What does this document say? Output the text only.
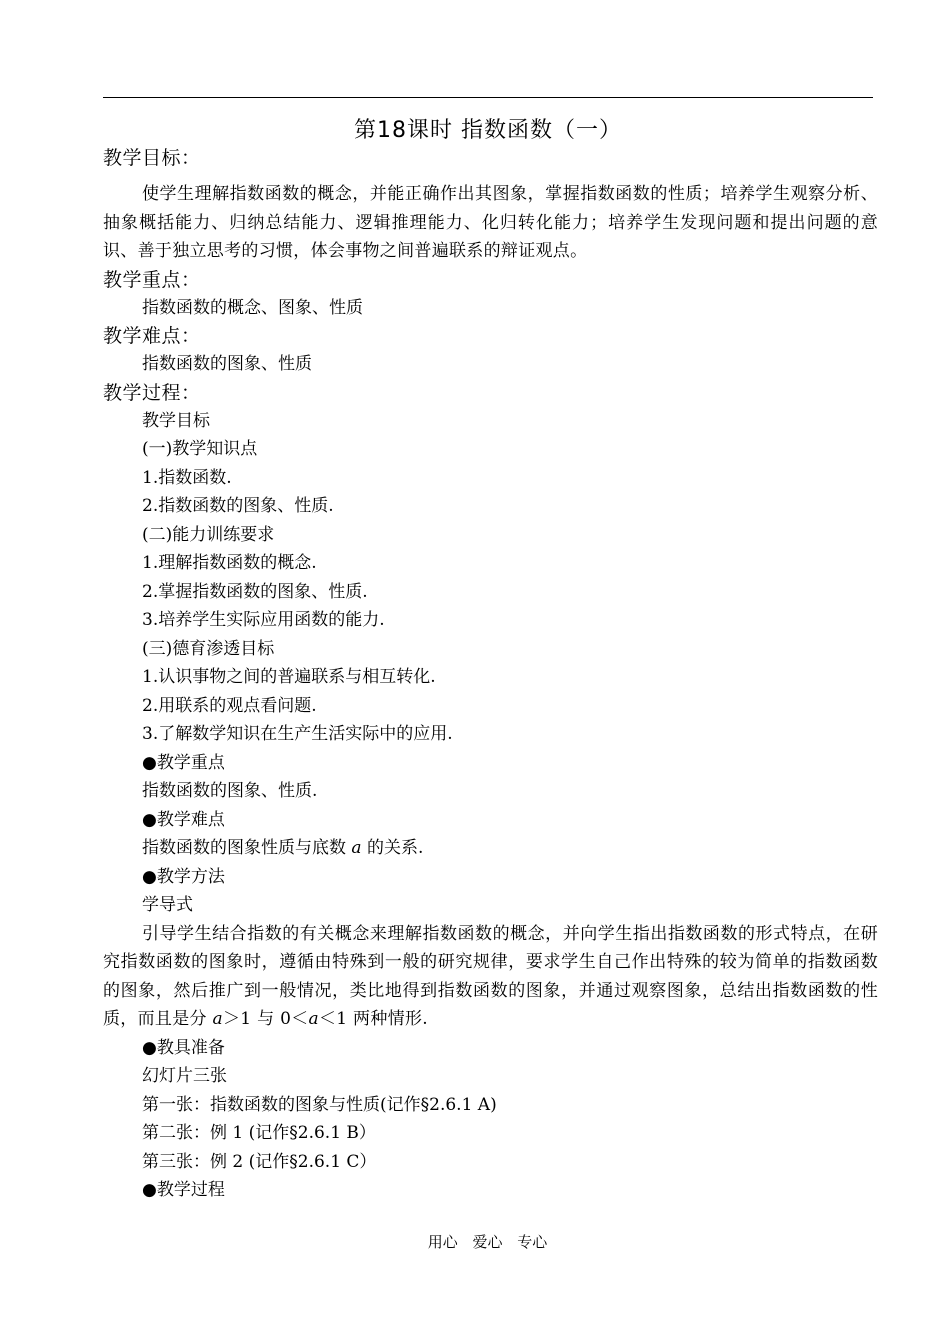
第18课时 指数函数（一）
教学目标：

使学生理解指数函数的概念，并能正确作出其图象，掌握指数函数的性质；培养学生观察分析、抽象概括能力、归纳总结能力、逻辑推理能力、化归转化能力；培养学生发现问题和提出问题的意识、善于独立思考的习惯，体会事物之间普遍联系的辩证观点。

教学重点：

指数函数的概念、图象、性质

教学难点：

指数函数的图象、性质

教学过程：

教学目标

(一)教学知识点

1.指数函数.

2.指数函数的图象、性质.

(二)能力训练要求

1.理解指数函数的概念.

2.掌握指数函数的图象、性质.

3.培养学生实际应用函数的能力.

(三)德育渗透目标

1.认识事物之间的普遍联系与相互转化.

2.用联系的观点看问题.

3.了解数学知识在生产生活实际中的应用.

●教学重点

指数函数的图象、性质.

●教学难点

指数函数的图象性质与底数 a 的关系.

●教学方法

学导式

引导学生结合指数的有关概念来理解指数函数的概念，并向学生指出指数函数的形式特点，在研究指数函数的图象时，遵循由特殊到一般的研究规律，要求学生自己作出特殊的较为简单的指数函数的图象，然后推广到一般情况，类比地得到指数函数的图象，并通过观察图象，总结出指数函数的性质，而且是分 a＞1 与 0＜a＜1 两种情形.

●教具准备

幻灯片三张

第一张：指数函数的图象与性质(记作§2.6.1 A)

第二张：例 1 (记作§2.6.1 B）

第三张：例 2 (记作§2.6.1 C）

●教学过程

用心 爱心 专心
